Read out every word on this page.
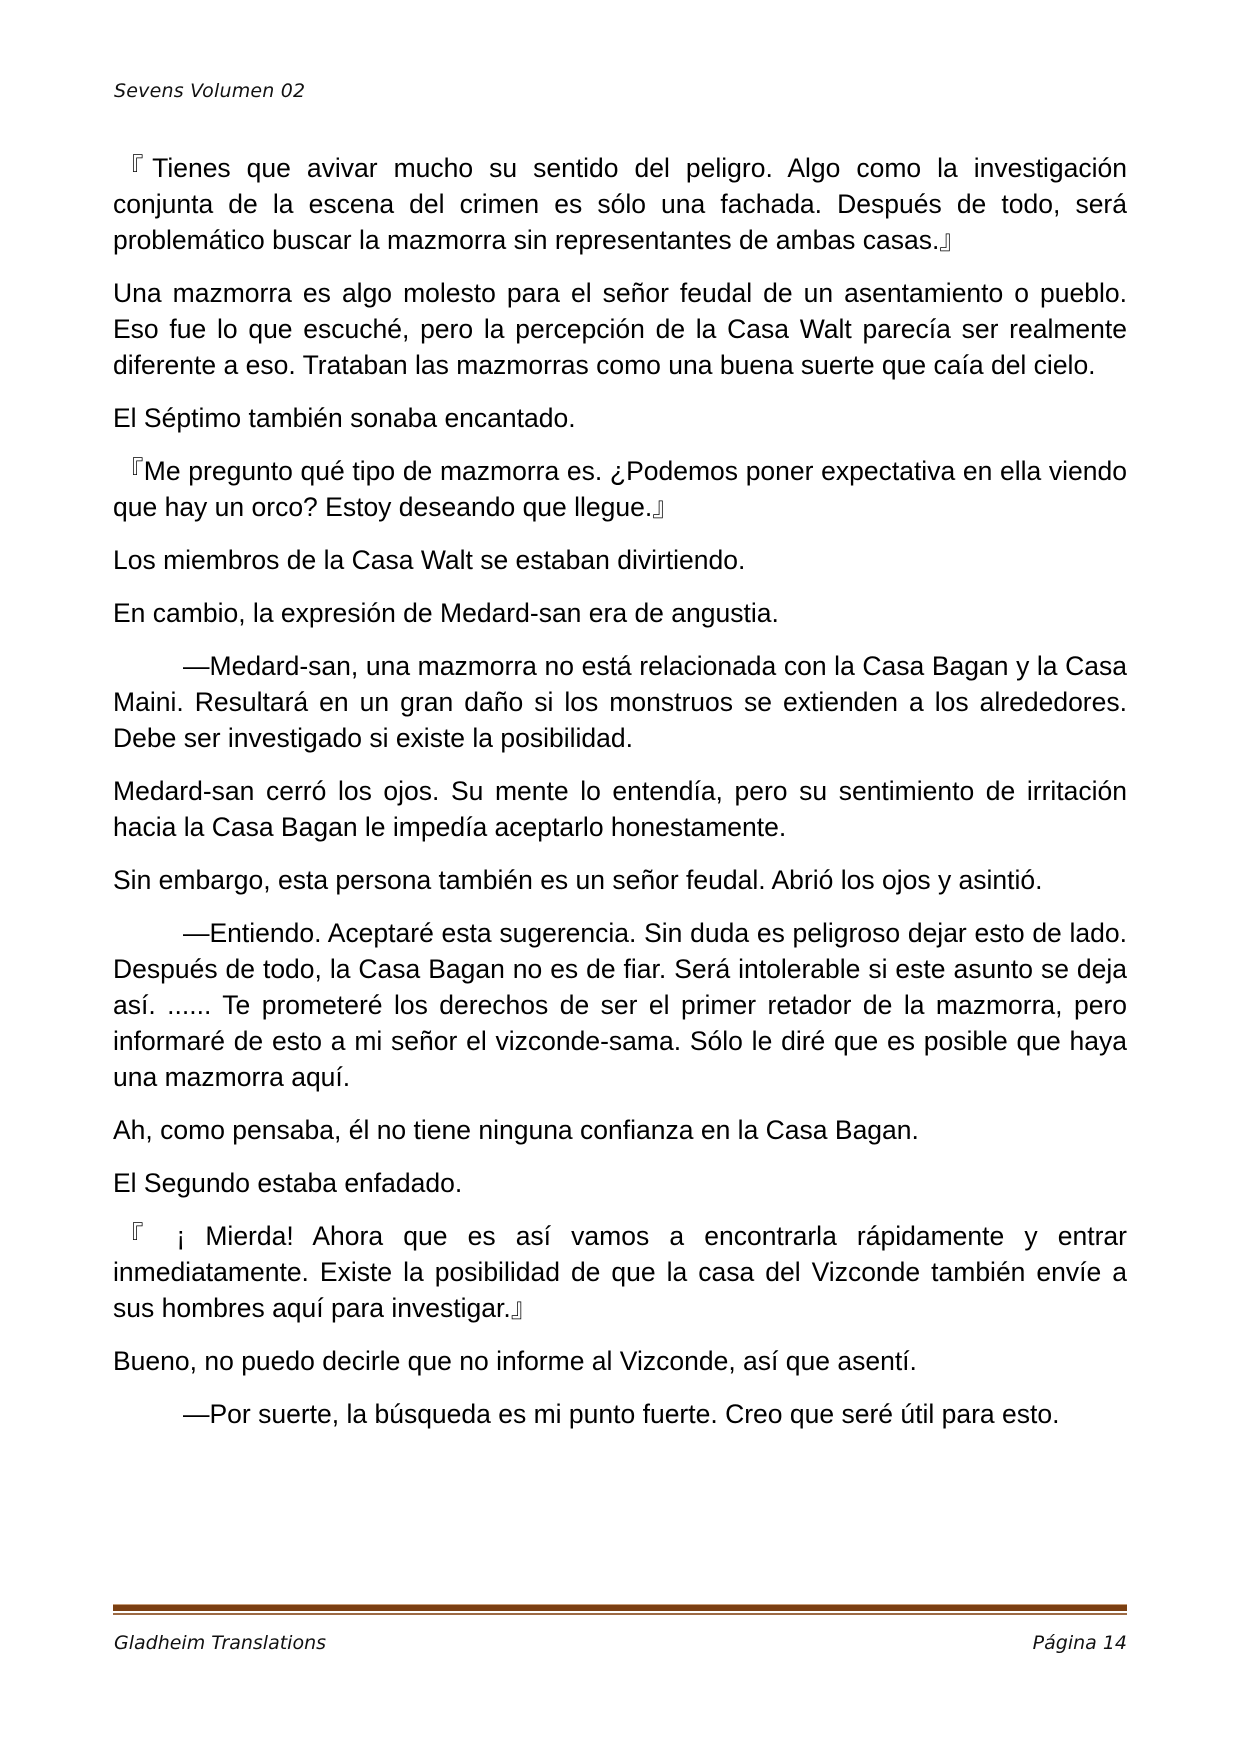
Sevens Volumen 02

『Tienes que avivar mucho su sentido del peligro. Algo como la investigación conjunta de la escena del crimen es sólo una fachada. Después de todo, será problemático buscar la mazmorra sin representantes de ambas casas.』

Una mazmorra es algo molesto para el señor feudal de un asentamiento o pueblo. Eso fue lo que escuché, pero la percepción de la Casa Walt parecía ser realmente diferente a eso. Trataban las mazmorras como una buena suerte que caía del cielo.

El Séptimo también sonaba encantado.

『Me pregunto qué tipo de mazmorra es. ¿Podemos poner expectativa en ella viendo que hay un orco? Estoy deseando que llegue.』

Los miembros de la Casa Walt se estaban divirtiendo.

En cambio, la expresión de Medard-san era de angustia.

—Medard-san, una mazmorra no está relacionada con la Casa Bagan y la Casa Maini. Resultará en un gran daño si los monstruos se extienden a los alrededores. Debe ser investigado si existe la posibilidad.

Medard-san cerró los ojos. Su mente lo entendía, pero su sentimiento de irritación hacia la Casa Bagan le impedía aceptarlo honestamente.

Sin embargo, esta persona también es un señor feudal. Abrió los ojos y asintió.

—Entiendo. Aceptaré esta sugerencia. Sin duda es peligroso dejar esto de lado. Después de todo, la Casa Bagan no es de fiar. Será intolerable si este asunto se deja así. ...... Te prometeré los derechos de ser el primer retador de la mazmorra, pero informaré de esto a mi señor el vizconde-sama. Sólo le diré que es posible que haya una mazmorra aquí.

Ah, como pensaba, él no tiene ninguna confianza en la Casa Bagan.

El Segundo estaba enfadado.

『 ¡ Mierda! Ahora que es así vamos a encontrarla rápidamente y entrar inmediatamente. Existe la posibilidad de que la casa del Vizconde también envíe a sus hombres aquí para investigar.』

Bueno, no puedo decirle que no informe al Vizconde, así que asentí.

—Por suerte, la búsqueda es mi punto fuerte. Creo que seré útil para esto.

Gladheim Translations	Página 14
